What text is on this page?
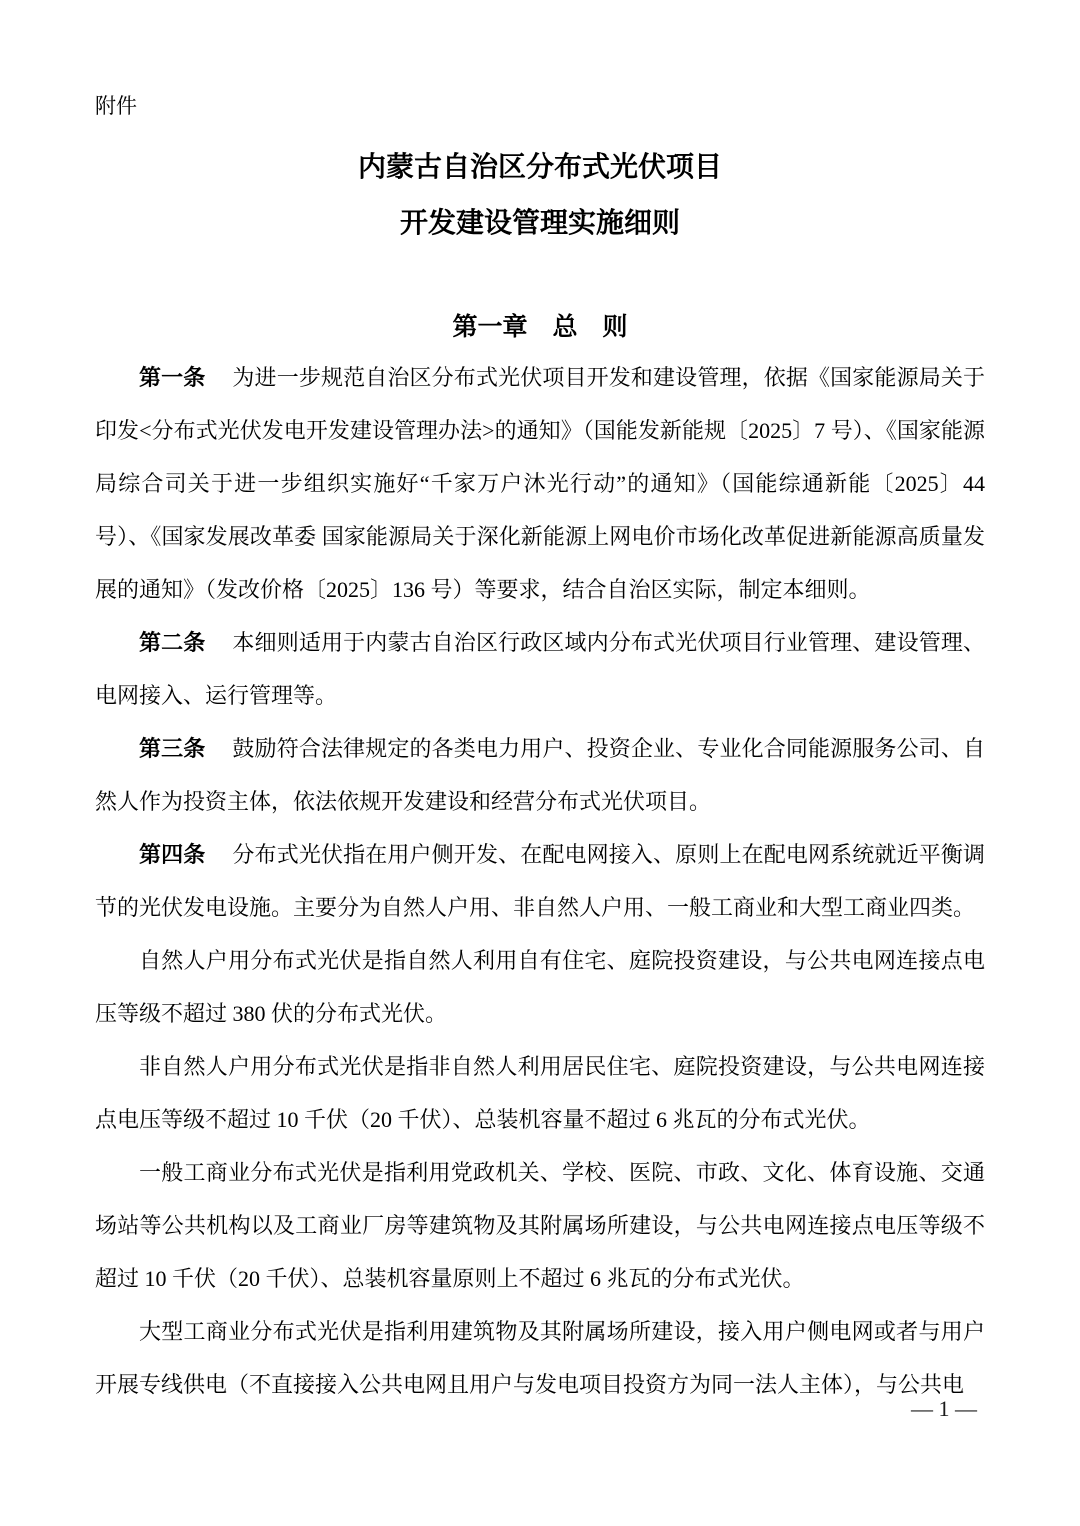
附件
内蒙古自治区分布式光伏项目
开发建设管理实施细则
第一章　总　则

第一条 为进一步规范自治区分布式光伏项目开发和建设管理，依据《国家能源局关于印发<分布式光伏发电开发建设管理办法>的通知》（国能发新能规〔2025〕7 号）、《国家能源局综合司关于进一步组织实施好“千家万户沐光行动”的通知》（国能综通新能〔2025〕44 号）、《国家发展改革委 国家能源局关于深化新能源上网电价市场化改革促进新能源高质量发展的通知》（发改价格〔2025〕136 号）等要求，结合自治区实际，制定本细则。

第二条 本细则适用于内蒙古自治区行政区域内分布式光伏项目行业管理、建设管理、电网接入、运行管理等。

第三条 鼓励符合法律规定的各类电力用户、投资企业、专业化合同能源服务公司、自然人作为投资主体，依法依规开发建设和经营分布式光伏项目。

第四条 分布式光伏指在用户侧开发、在配电网接入、原则上在配电网系统就近平衡调节的光伏发电设施。主要分为自然人户用、非自然人户用、一般工商业和大型工商业四类。

自然人户用分布式光伏是指自然人利用自有住宅、庭院投资建设，与公共电网连接点电压等级不超过 380 伏的分布式光伏。

非自然人户用分布式光伏是指非自然人利用居民住宅、庭院投资建设，与公共电网连接点电压等级不超过 10 千伏（20 千伏）、总装机容量不超过 6 兆瓦的分布式光伏。

一般工商业分布式光伏是指利用党政机关、学校、医院、市政、文化、体育设施、交通场站等公共机构以及工商业厂房等建筑物及其附属场所建设，与公共电网连接点电压等级不超过 10 千伏（20 千伏）、总装机容量原则上不超过 6 兆瓦的分布式光伏。

大型工商业分布式光伏是指利用建筑物及其附属场所建设，接入用户侧电网或者与用户开展专线供电（不直接接入公共电网且用户与发电项目投资方为同一法人主体），与公共电

— 1 —
